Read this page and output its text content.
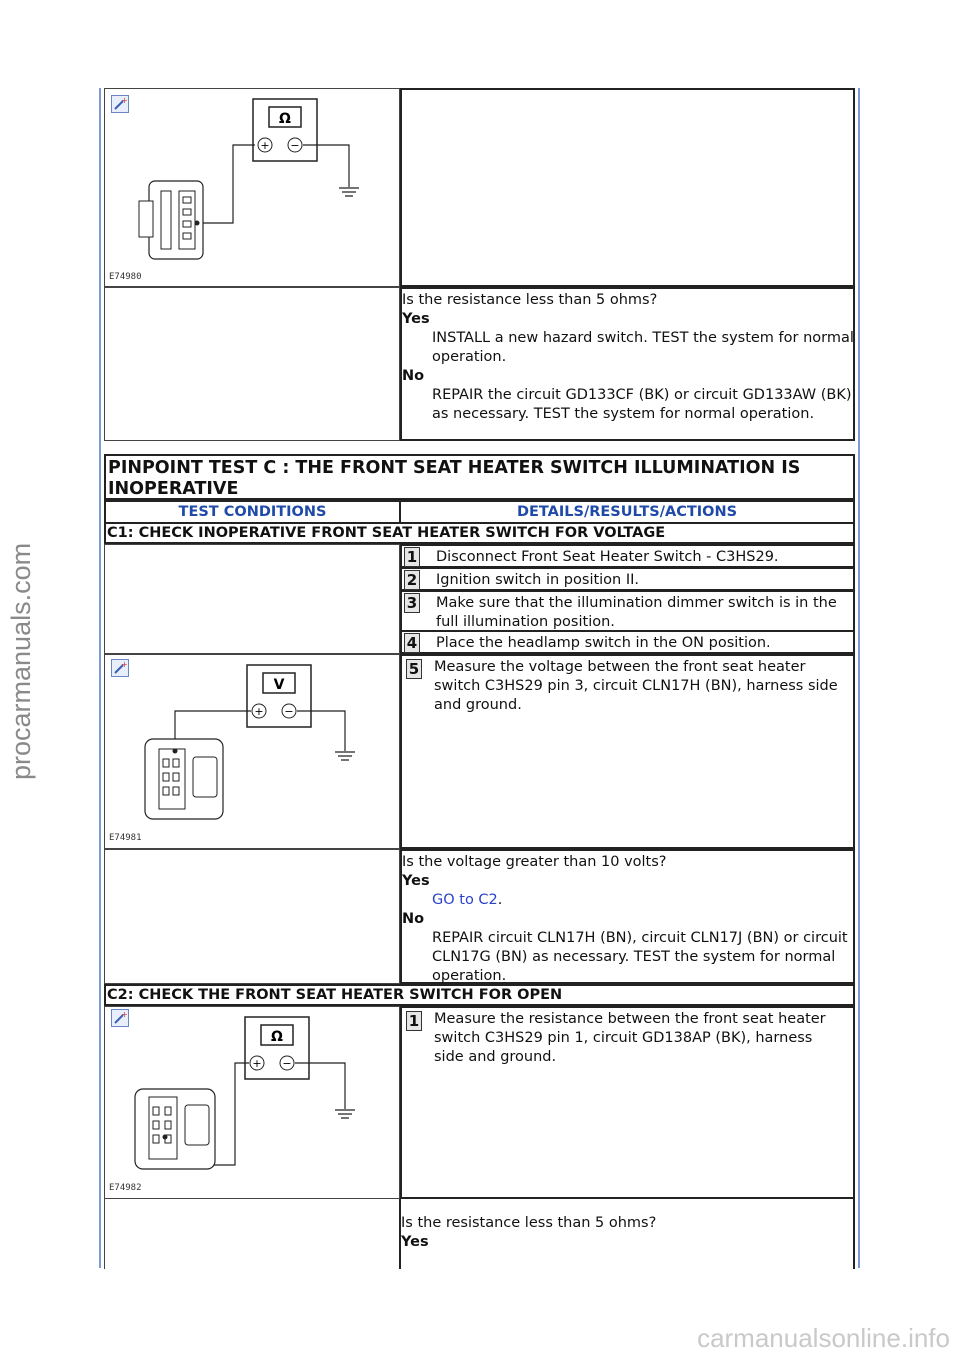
procarmanuals.com
carmanualsonline.info
+
Ω
+ −
E74980
Is the resistance less than 5 ohms?
Yes
INSTALL a new hazard switch. TEST the system for normal operation.
No
REPAIR the circuit GD133CF (BK) or circuit GD133AW (BK) as necessary. TEST the system for normal operation.
PINPOINT TEST C : THE FRONT SEAT HEATER SWITCH ILLUMINATION IS INOPERATIVE
TEST CONDITIONS	DETAILS/RESULTS/ACTIONS
C1: CHECK INOPERATIVE FRONT SEAT HEATER SWITCH FOR VOLTAGE
1 Disconnect Front Seat Heater Switch - C3HS29.
2 Ignition switch in position II.
3 Make sure that the illumination dimmer switch is in the full illumination position.
4 Place the headlamp switch in the ON position.
+
V
+ −
E74981
5 Measure the voltage between the front seat heater switch C3HS29 pin 3, circuit CLN17H (BN), harness side and ground.
Is the voltage greater than 10 volts?
Yes
GO to C2.
No
REPAIR circuit CLN17H (BN), circuit CLN17J (BN) or circuit CLN17G (BN) as necessary. TEST the system for normal operation.
C2: CHECK THE FRONT SEAT HEATER SWITCH FOR OPEN
+
Ω
+ −
E74982
1 Measure the resistance between the front seat heater switch C3HS29 pin 1, circuit GD138AP (BK), harness side and ground.
Is the resistance less than 5 ohms?
Yes
